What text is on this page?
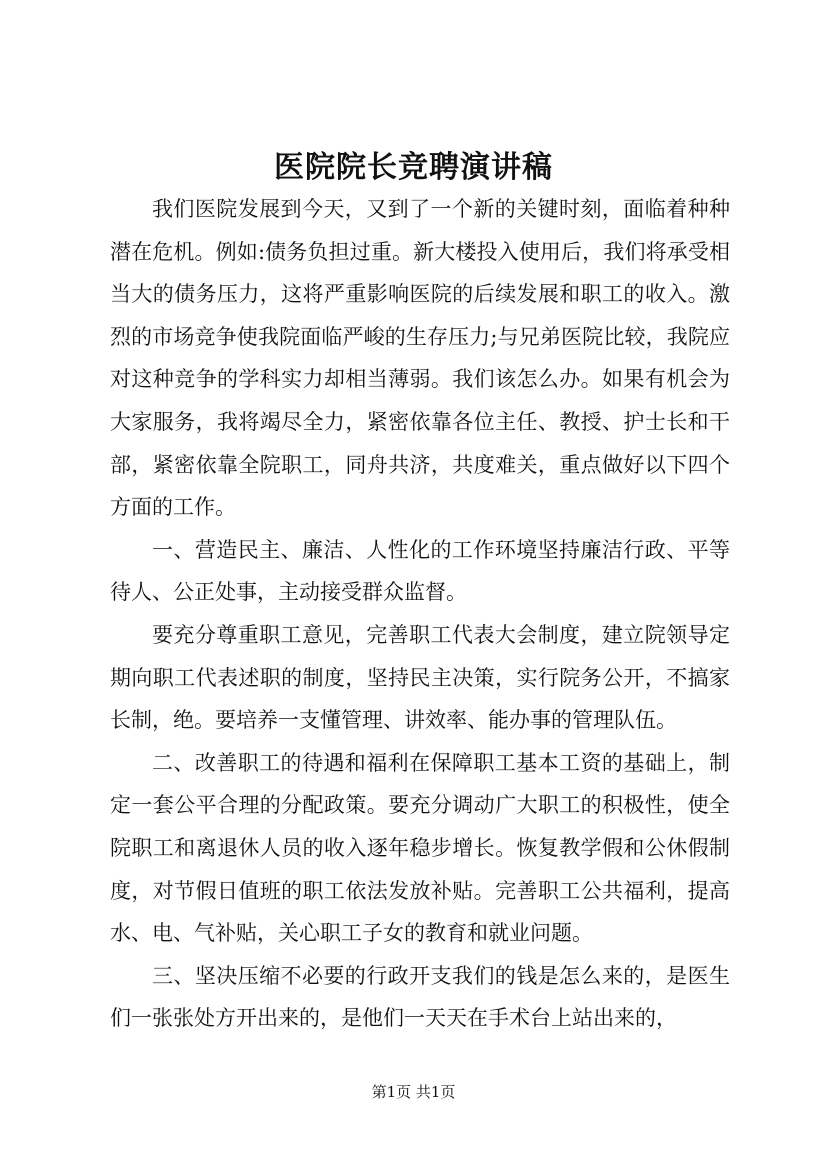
医院院长竞聘演讲稿

我们医院发展到今天，又到了一个新的关键时刻，面临着种种潜在危机。例如:债务负担过重。新大楼投入使用后，我们将承受相当大的债务压力，这将严重影响医院的后续发展和职工的收入。激烈的市场竞争使我院面临严峻的生存压力;与兄弟医院比较，我院应对这种竞争的学科实力却相当薄弱。我们该怎么办。如果有机会为大家服务，我将竭尽全力，紧密依靠各位主任、教授、护士长和干部，紧密依靠全院职工，同舟共济，共度难关，重点做好以下四个方面的工作。

一、营造民主、廉洁、人性化的工作环境坚持廉洁行政、平等待人、公正处事，主动接受群众监督。

要充分尊重职工意见，完善职工代表大会制度，建立院领导定期向职工代表述职的制度，坚持民主决策，实行院务公开，不搞家长制，绝。要培养一支懂管理、讲效率、能办事的管理队伍。

二、改善职工的待遇和福利在保障职工基本工资的基础上，制定一套公平合理的分配政策。要充分调动广大职工的积极性，使全院职工和离退休人员的收入逐年稳步增长。恢复教学假和公休假制度，对节假日值班的职工依法发放补贴。完善职工公共福利，提高水、电、气补贴，关心职工子女的教育和就业问题。

三、坚决压缩不必要的行政开支我们的钱是怎么来的，是医生们一张张处方开出来的，是他们一天天在手术台上站出来的，

第1页 共1页
